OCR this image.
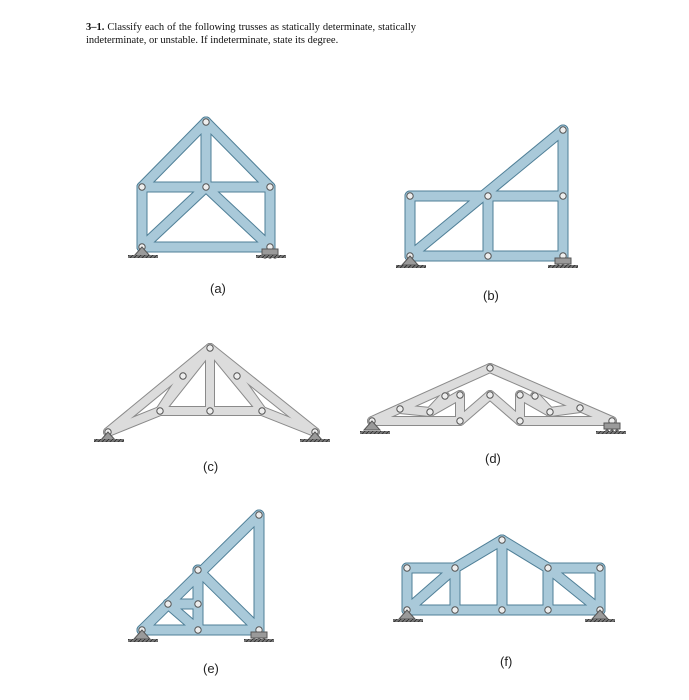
3–1. Classify each of the following trusses as statically determinate, statically indeterminate, or unstable. If indeterminate, state its degree.
(a)	(b)
(c)
(d)
(e)	(f)
